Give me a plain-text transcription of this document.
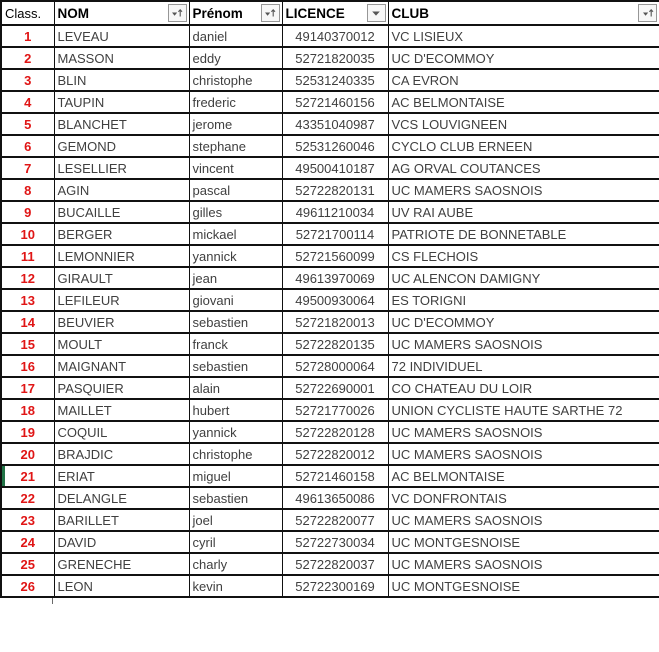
Class.	NOM	Prénom	LICENCE	CLUB

1	LEVEAU	daniel	49140370012	VC LISIEUX
2	MASSON	eddy	52721820035	UC D'ECOMMOY
3	BLIN	christophe	52531240335	CA EVRON
4	TAUPIN	frederic	52721460156	AC BELMONTAISE
5	BLANCHET	jerome	43351040987	VCS LOUVIGNEEN
6	GEMOND	stephane	52531260046	CYCLO CLUB ERNEEN
7	LESELLIER	vincent	49500410187	AG ORVAL COUTANCES
8	AGIN	pascal	52722820131	UC MAMERS SAOSNOIS
9	BUCAILLE	gilles	49611210034	UV RAI AUBE
10	BERGER	mickael	52721700114	PATRIOTE DE BONNETABLE
11	LEMONNIER	yannick	52721560099	CS FLECHOIS
12	GIRAULT	jean	49613970069	UC ALENCON DAMIGNY
13	LEFILEUR	giovani	49500930064	ES TORIGNI
14	BEUVIER	sebastien	52721820013	UC D'ECOMMOY
15	MOULT	franck	52722820135	UC MAMERS SAOSNOIS
16	MAIGNANT	sebastien	52728000064	72 INDIVIDUEL
17	PASQUIER	alain	52722690001	CO CHATEAU DU LOIR
18	MAILLET	hubert	52721770026	UNION CYCLISTE HAUTE SARTHE 72
19	COQUIL	yannick	52722820128	UC MAMERS SAOSNOIS
20	BRAJDIC	christophe	52722820012	UC MAMERS SAOSNOIS
21	ERIAT	miguel	52721460158	AC BELMONTAISE
22	DELANGLE	sebastien	49613650086	VC DONFRONTAIS
23	BARILLET	joel	52722820077	UC MAMERS SAOSNOIS
24	DAVID	cyril	52722730034	UC MONTGESNOISE
25	GRENECHE	charly	52722820037	UC MAMERS SAOSNOIS
26	LEON	kevin	52722300169	UC MONTGESNOISE
